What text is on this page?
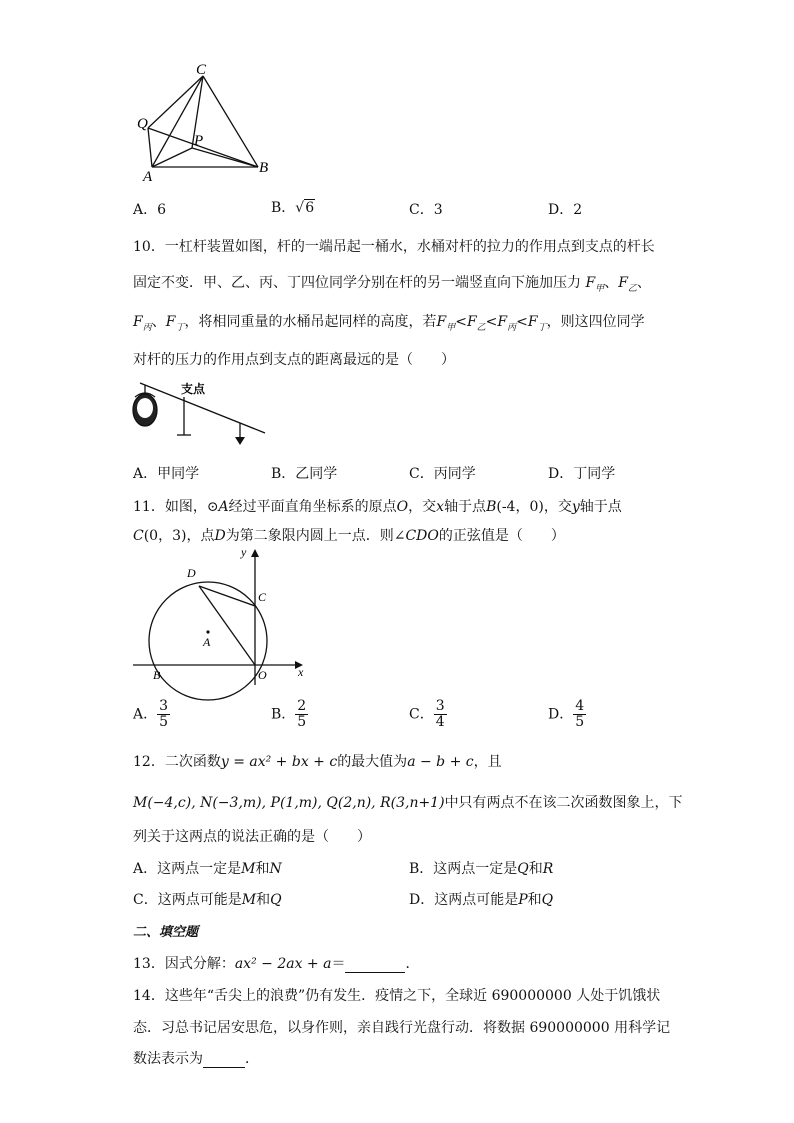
C
Q
P
A
B
A．6	B．√6	C．3	D．2
10．一杠杆装置如图，杆的一端吊起一桶水，水桶对杆的拉力的作用点到支点的杆长
固定不变．甲、乙、丙、丁四位同学分别在杆的另一端竖直向下施加压力 $F_甲$、$F_乙$、
$F_丙$、$F_丁$，将相同重量的水桶吊起同样的高度，若$F_甲<F_乙<F_丙<F_丁$，则这四位同学
对杆的压力的作用点到支点的距离最远的是（　　）
支点
A．甲同学	B．乙同学	C．丙同学	D．丁同学
11．如图，⊙A经过平面直角坐标系的原点O，交x轴于点B(-4，0)，交y轴于点
C(0，3)，点D为第二象限内圆上一点．则∠CDO的正弦值是（　　）
y
x
D
C
A
B	O
A． $\frac{3}{5}$	B． $\frac{2}{5}$	C． $\frac{3}{4}$	D． $\frac{4}{5}$
12．二次函数y = ax² + bx + c的最大值为a − b + c，且
M(−4,c), N(−3,m), P(1,m), Q(2,n), R(3,n+1)中只有两点不在该二次函数图象上，下
列关于这两点的说法正确的是（　　）
A．这两点一定是M和N	B．这两点一定是Q和R
C．这两点可能是M和Q	D．这两点可能是P和Q
二、填空题
13．因式分解：ax² − 2ax + a＝	．
14．这些年“舌尖上的浪费”仍有发生．疫情之下，全球近 690000000 人处于饥饿状
态．习总书记居安思危，以身作则，亲自践行光盘行动．将数据 690000000 用科学记
数法表示为	．
